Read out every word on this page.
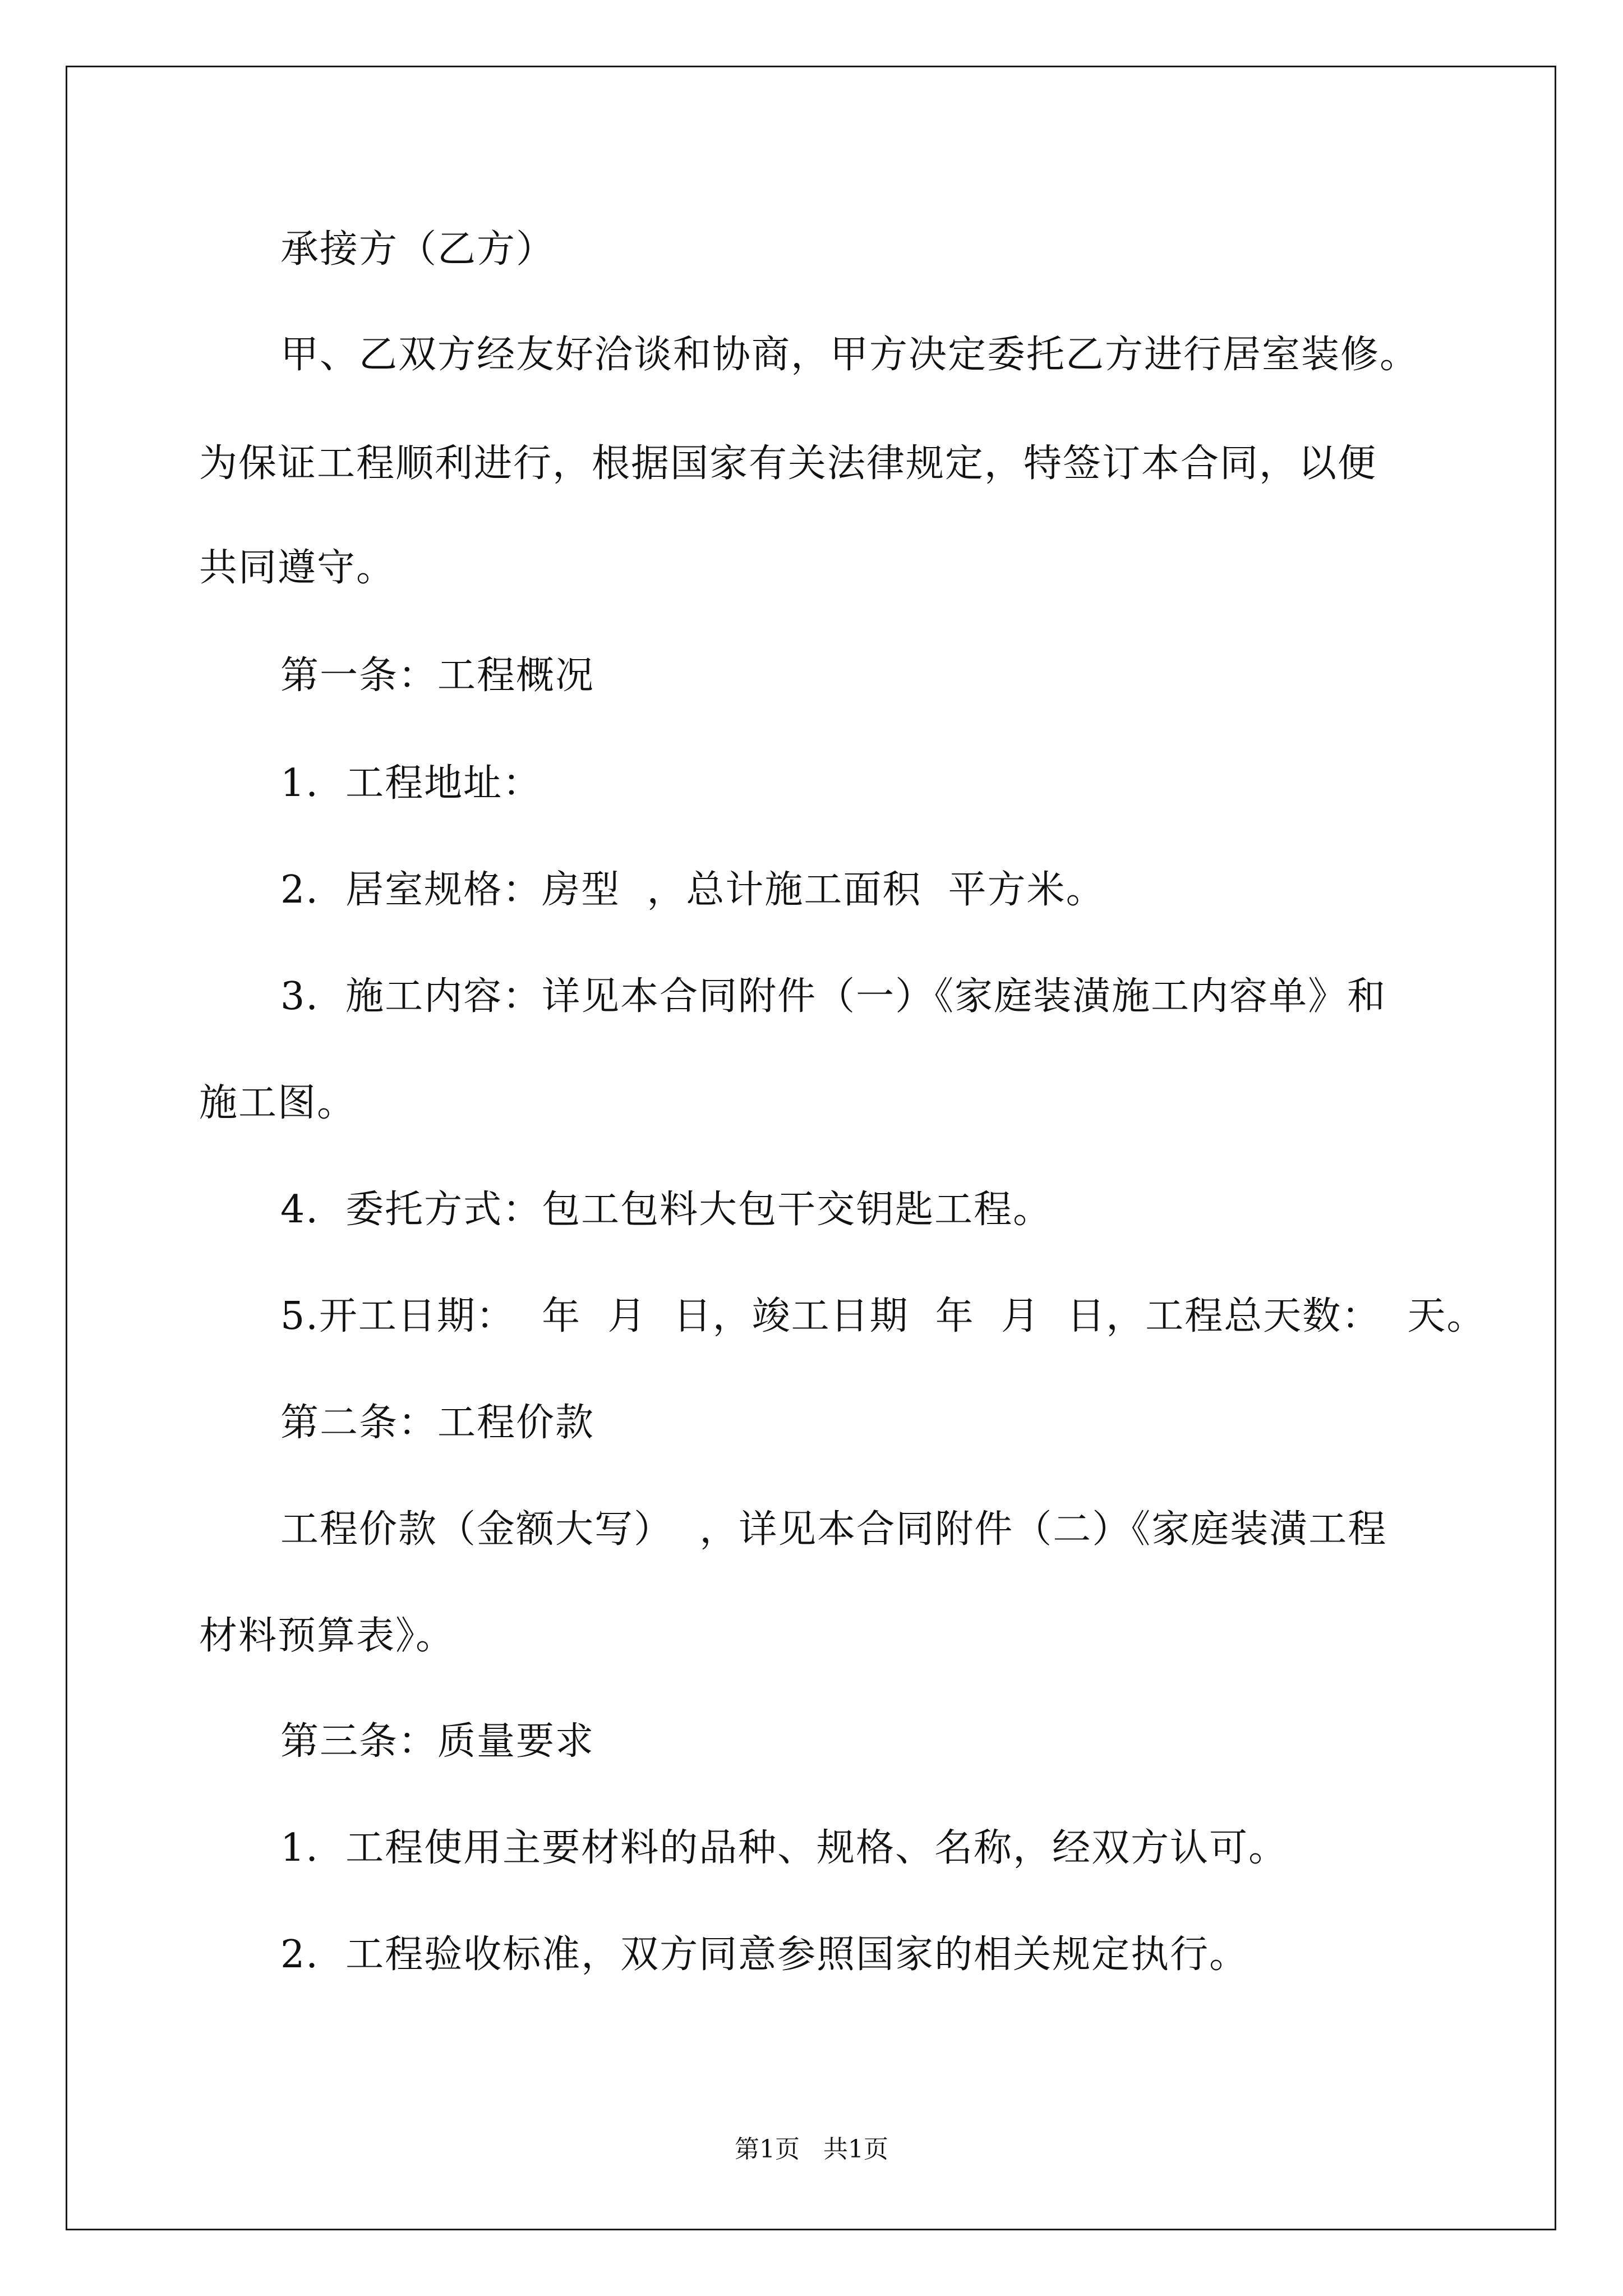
承接方（乙方）
甲、乙双方经友好洽谈和协商，甲方决定委托乙方进行居室装修。
为保证工程顺利进行，根据国家有关法律规定，特签订本合同，以便
共同遵守。
第一条：工程概况
1.  工程地址：
2.  居室规格：房型  ，总计施工面积  平方米。
3.  施工内容：详见本合同附件（一）《家庭装潢施工内容单》和
施工图。
4.  委托方式：包工包料大包干交钥匙工程。
5.开工日期：  年  月  日，竣工日期  年  月  日，工程总天数：  天。
第二条：工程价款
工程价款（金额大写）  ，详见本合同附件（二）《家庭装潢工程
材料预算表》。
第三条：质量要求
1.  工程使用主要材料的品种、规格、名称，经双方认可。
2.  工程验收标准，双方同意参照国家的相关规定执行。
第1页   共1页
